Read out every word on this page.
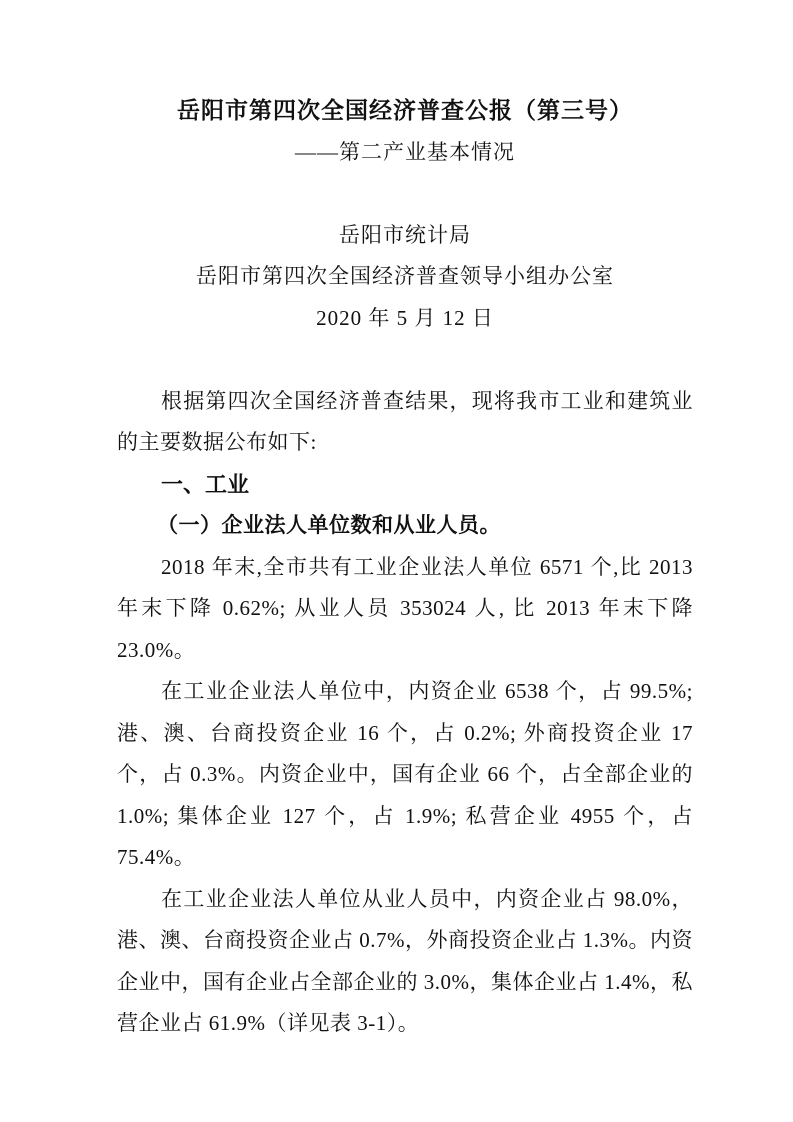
岳阳市第四次全国经济普查公报（第三号）
——第二产业基本情况
岳阳市统计局
岳阳市第四次全国经济普查领导小组办公室
2020 年 5 月 12 日

根据第四次全国经济普查结果，现将我市工业和建筑业的主要数据公布如下:

一、工业
（一）企业法人单位数和从业人员。

2018 年末,全市共有工业企业法人单位 6571 个,比 2013 年末下降 0.62%; 从业人员 353024 人, 比 2013 年末下降 23.0%。

在工业企业法人单位中，内资企业 6538 个，占 99.5%; 港、澳、台商投资企业 16 个，占 0.2%; 外商投资企业 17 个，占 0.3%。内资企业中，国有企业 66 个，占全部企业的 1.0%; 集体企业 127 个，占 1.9%; 私营企业 4955 个，占 75.4%。

在工业企业法人单位从业人员中，内资企业占 98.0%，港、澳、台商投资企业占 0.7%，外商投资企业占 1.3%。内资企业中，国有企业占全部企业的 3.0%，集体企业占 1.4%，私营企业占 61.9%（详见表 3-1）。
